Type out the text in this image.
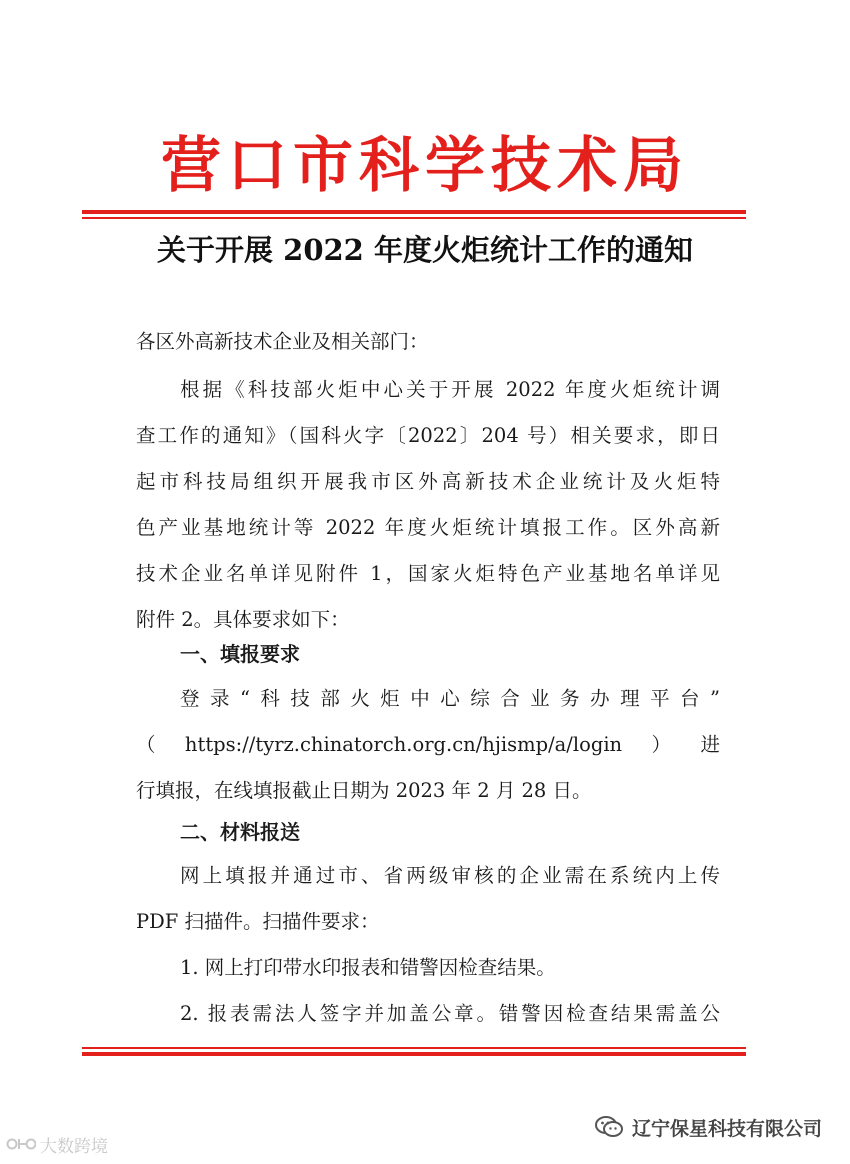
营口市科学技术局
关于开展 2022 年度火炬统计工作的通知
各区外高新技术企业及相关部门：
根据《科技部火炬中心关于开展 2022 年度火炬统计调
查工作的通知》（国科火字〔2022〕204 号）相关要求，即日
起市科技局组织开展我市区外高新技术企业统计及火炬特
色产业基地统计等 2022 年度火炬统计填报工作。区外高新
技术企业名单详见附件 1，国家火炬特色产业基地名单详见
附件 2。具体要求如下：
一、填报要求
登录“科技部火炬中心综合业务办理平台”
（https://tyrz.chinatorch.org.cn/hjismp/a/login）进
行填报，在线填报截止日期为 2023 年 2 月 28 日。
二、材料报送
网上填报并通过市、省两级审核的企业需在系统内上传
PDF 扫描件。扫描件要求：
1. 网上打印带水印报表和错警因检查结果。
2. 报表需法人签字并加盖公章。错警因检查结果需盖公
辽宁保星科技有限公司
大数跨境
